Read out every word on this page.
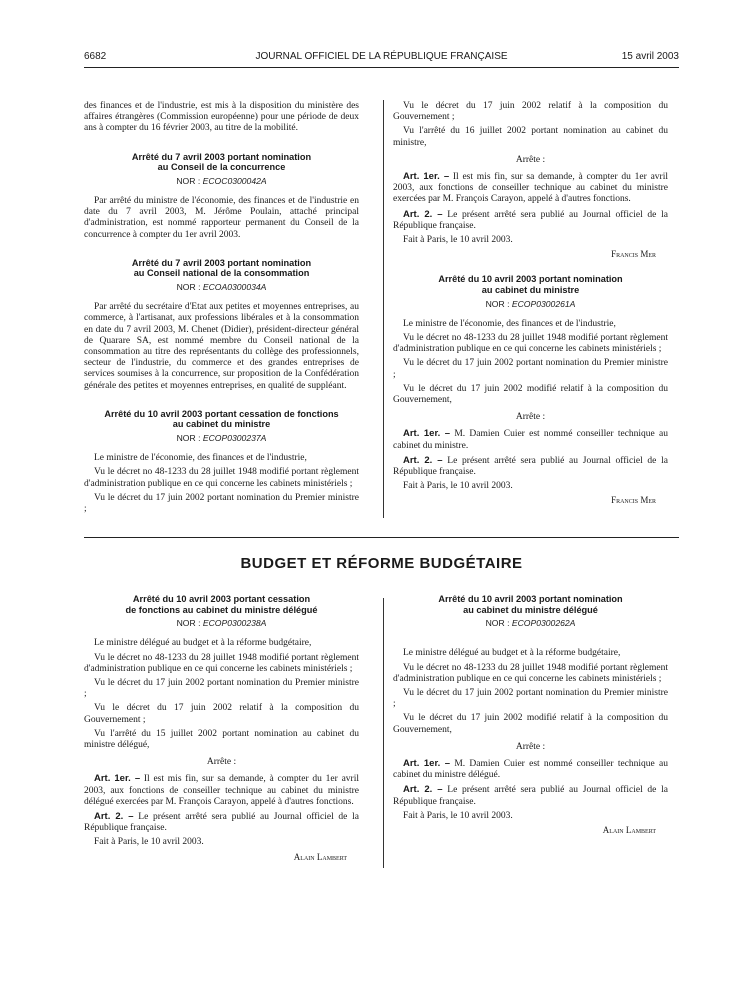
6682	JOURNAL OFFICIEL DE LA RÉPUBLIQUE FRANÇAISE	15 avril 2003

des finances et de l'industrie, est mis à la disposition du ministère des affaires étrangères (Commission européenne) pour une période de deux ans à compter du 16 février 2003, au titre de la mobilité.

Arrêté du 7 avril 2003 portant nomination
au Conseil de la concurrence

NOR : ECOC0300042A

Par arrêté du ministre de l'économie, des finances et de l'industrie en date du 7 avril 2003, M. Jérôme Poulain, attaché principal d'administration, est nommé rapporteur permanent du Conseil de la concurrence à compter du 1er avril 2003.

Arrêté du 7 avril 2003 portant nomination
au Conseil national de la consommation

NOR : ECOA0300034A

Par arrêté du secrétaire d'Etat aux petites et moyennes entreprises, au commerce, à l'artisanat, aux professions libérales et à la consommation en date du 7 avril 2003, M. Chenet (Didier), président-directeur général de Quarare SA, est nommé membre du Conseil national de la consommation au titre des représentants du collège des professionnels, secteur de l'industrie, du commerce et des grandes entreprises de services soumises à la concurrence, sur proposition de la Confédération générale des petites et moyennes entreprises, en qualité de suppléant.

Arrêté du 10 avril 2003 portant cessation de fonctions
au cabinet du ministre

NOR : ECOP0300237A

Le ministre de l'économie, des finances et de l'industrie,

Vu le décret no 48-1233 du 28 juillet 1948 modifié portant règlement d'administration publique en ce qui concerne les cabinets ministériels ;

Vu le décret du 17 juin 2002 portant nomination du Premier ministre ;

Vu le décret du 17 juin 2002 relatif à la composition du Gouvernement ;

Vu l'arrêté du 16 juillet 2002 portant nomination au cabinet du ministre,

Arrête :

Art. 1er. – Il est mis fin, sur sa demande, à compter du 1er avril 2003, aux fonctions de conseiller technique au cabinet du ministre exercées par M. François Carayon, appelé à d'autres fonctions.

Art. 2. – Le présent arrêté sera publié au Journal officiel de la République française.

Fait à Paris, le 10 avril 2003.

Francis Mer

Arrêté du 10 avril 2003 portant nomination
au cabinet du ministre

NOR : ECOP0300261A

Le ministre de l'économie, des finances et de l'industrie,

Vu le décret no 48-1233 du 28 juillet 1948 modifié portant règlement d'administration publique en ce qui concerne les cabinets ministériels ;

Vu le décret du 17 juin 2002 portant nomination du Premier ministre ;

Vu le décret du 17 juin 2002 modifié relatif à la composition du Gouvernement,

Arrête :

Art. 1er. – M. Damien Cuier est nommé conseiller technique au cabinet du ministre.

Art. 2. – Le présent arrêté sera publié au Journal officiel de la République française.

Fait à Paris, le 10 avril 2003.

Francis Mer

BUDGET ET RÉFORME BUDGÉTAIRE

Arrêté du 10 avril 2003 portant cessation
de fonctions au cabinet du ministre délégué

NOR : ECOP0300238A

Le ministre délégué au budget et à la réforme budgétaire,

Vu le décret no 48-1233 du 28 juillet 1948 modifié portant règlement d'administration publique en ce qui concerne les cabinets ministériels ;

Vu le décret du 17 juin 2002 portant nomination du Premier ministre ;

Vu le décret du 17 juin 2002 relatif à la composition du Gouvernement ;

Vu l'arrêté du 15 juillet 2002 portant nomination au cabinet du ministre délégué,

Arrête :

Art. 1er. – Il est mis fin, sur sa demande, à compter du 1er avril 2003, aux fonctions de conseiller technique au cabinet du ministre délégué exercées par M. François Carayon, appelé à d'autres fonctions.

Art. 2. – Le présent arrêté sera publié au Journal officiel de la République française.

Fait à Paris, le 10 avril 2003.

Alain Lambert

Arrêté du 10 avril 2003 portant nomination
au cabinet du ministre délégué

NOR : ECOP0300262A

Le ministre délégué au budget et à la réforme budgétaire,

Vu le décret no 48-1233 du 28 juillet 1948 modifié portant règlement d'administration publique en ce qui concerne les cabinets ministériels ;

Vu le décret du 17 juin 2002 portant nomination du Premier ministre ;

Vu le décret du 17 juin 2002 modifié relatif à la composition du Gouvernement,

Arrête :

Art. 1er. – M. Damien Cuier est nommé conseiller technique au cabinet du ministre délégué.

Art. 2. – Le présent arrêté sera publié au Journal officiel de la République française.

Fait à Paris, le 10 avril 2003.

Alain Lambert
